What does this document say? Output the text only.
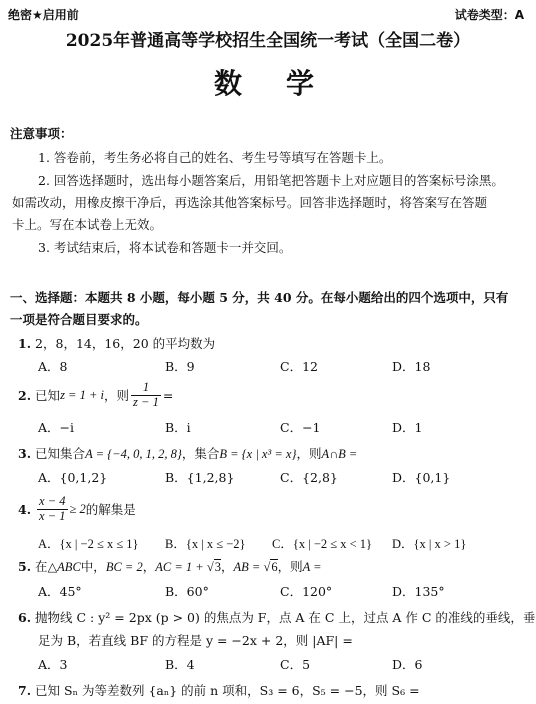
绝密★启用前	试卷类型：A
2025年普通高等学校招生全国统一考试（全国二卷）
数　学
注意事项：
1. 答卷前，考生务必将自己的姓名、考生号等填写在答题卡上。
2. 回答选择题时，选出每小题答案后，用铅笔把答题卡上对应题目的答案标号涂黑。
如需改动，用橡皮擦干净后，再选涂其他答案标号。回答非选择题时，将答案写在答题
卡上。写在本试卷上无效。
3. 考试结束后，将本试卷和答题卡一并交回。
一、选择题：本题共 8 小题，每小题 5 分，共 40 分。在每小题给出的四个选项中，只有
一项是符合题目要求的。
1. 2，8，14，16，20 的平均数为
A．8	B．9	C．12	D．18
2.
已知 z = 1 + i ，则 $\frac{1}{z - 1}$ =
A．−i	B．i	C．−1	D．1
3. 已知集合A = {−4, 0, 1, 2, 8}，集合B = {x | x³ = x}，则A∩B =
A．{0,1,2}	B．{1,2,8}	C．{2,8}	D．{0,1}
4.
$\frac{x - 4}{x - 1} \ge 2$ 的解集是
A．{x | −2 ≤ x ≤ 1} B．{x | x ≤ −2} C．{x | −2 ≤ x < 1} D．{x | x > 1}
5. 在△ABC中，BC = 2，AC = 1 + √3，AB = √6，则A =
A．45°	B．60°	C．120°	D．135°
6. 抛物线 C : y² = 2px (p > 0) 的焦点为 F，点 A 在 C 上，过点 A 作 C 的准线的垂线，垂
足为 B，若直线 BF 的方程是 y = −2x + 2，则 |AF| =
A．3	B．4	C．5	D．6
7. 已知 Sₙ 为等差数列 {aₙ} 的前 n 项和，S₃ = 6，S₅ = −5，则 S₆ =
